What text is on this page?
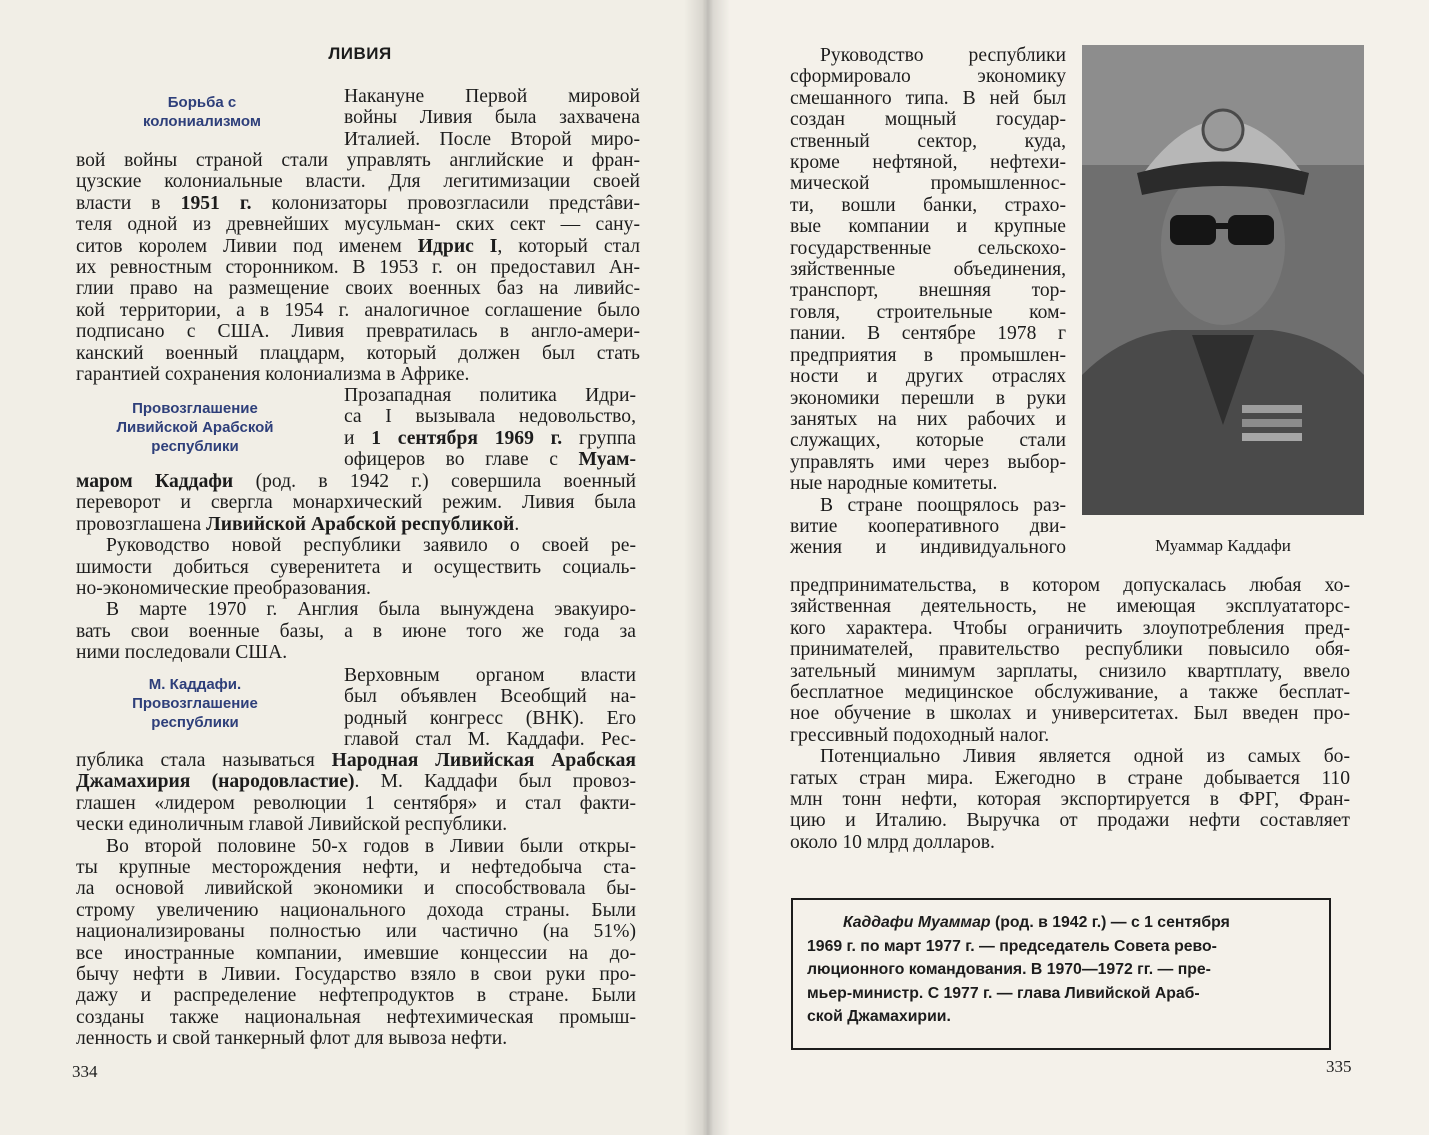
ЛИВИЯ
Борьба с
колониализмом

Накануне Первой мировой

войны Ливия была захвачена

Италией. После Второй миро-

вой войны страной стали управлять английские и фран-

цузские колониальные власти. Для легитимизации своей

власти в 1951 г. колонизаторы провозгласили предстâви-

теля одной из древнейших мусульман- ских сект — сану-

ситов королем Ливии под именем Идрис I, который стал

их ревностным сторонником. В 1953 г. он предоставил Ан-

глии право на размещение своих военных баз на ливийс-

кой территории, а в 1954 г. аналогичное соглашение было

подписано с США. Ливия превратилась в англо-амери-

канский военный плацдарм, который должен был стать

гарантией сохранения колониализма в Африке.

Провозглашение
Ливийской Арабской
республики

Прозападная политика Идри-

са I вызывала недовольство,

и 1 сентября 1969 г. группа

офицеров во главе с Муам-

маром Каддафи (род. в 1942 г.) совершила военный

переворот и свергла монархический режим. Ливия была

провозглашена Ливийской Арабской республикой.

Руководство новой республики заявило о своей ре-

шимости добиться суверенитета и осуществить социаль-

но-экономические преобразования.

В марте 1970 г. Англия была вынуждена эвакуиро-

вать свои военные базы, а в июне того же года за

ними последовали США.

М. Каддафи.
Провозглашение
республики

Верховным органом власти

был объявлен Всеобщий на-

родный конгресс (ВНК). Его

главой стал М. Каддафи. Рес-

публика стала называться Народная Ливийская Арабская

Джамахирия (народовластие). М. Каддафи был провоз-

глашен «лидером революции 1 сентября» и стал факти-

чески единоличным главой Ливийской республики.

Во второй половине 50-х годов в Ливии были откры-

ты крупные месторождения нефти, и нефтедобыча ста-

ла основой ливийской экономики и способствовала бы-

строму увеличению национального дохода страны. Были

национализированы полностью или частично (на 51%)

все иностранные компании, имевшие концессии на до-

бычу нефти в Ливии. Государство взяло в свои руки про-

дажу и распределение нефтепродуктов в стране. Были

созданы также национальная нефтехимическая промыш-

ленность и свой танкерный флот для вывоза нефти.

334

Руководство республики

сформировало экономику

смешанного типа. В ней был

создан мощный государ-

ственный сектор, куда,

кроме нефтяной, нефтехи-

мической промышленнос-

ти, вошли банки, страхо-

вые компании и крупные

государственные сельскохо-

зяйственные объединения,

транспорт, внешняя тор-

говля, строительные ком-

пании. В сентябре 1978 г

предприятия в промышлен-

ности и других отраслях

экономики перешли в руки

занятых на них рабочих и

служащих, которые стали

управлять ими через выбор-

ные народные комитеты.

В стране поощрялось раз-

витие кооперативного дви-

жения и индивидуального	Муаммар Каддафи

предпринимательства, в котором допускалась любая хо-

зяйственная деятельность, не имеющая эксплуататорс-

кого характера. Чтобы ограничить злоупотребления пред-

принимателей, правительство республики повысило обя-

зательный минимум зарплаты, снизило квартплату, ввело

бесплатное медицинское обслуживание, а также бесплат-

ное обучение в школах и университетах. Был введен про-

грессивный подоходный налог.

Потенциально Ливия является одной из самых бо-

гатых стран мира. Ежегодно в стране добывается 110

млн тонн нефти, которая экспортируется в ФРГ, Фран-

цию и Италию. Выручка от продажи нефти составляет

около 10 млрд долларов.

Каддафи Муаммар (род. в 1942 г.) — с 1 сентября
1969 г. по март 1977 г. — председатель Совета рево-
люционного командования. В 1970—1972 гг. — пре-
мьер-министр. С 1977 г. — глава Ливийской Араб-
ской Джамахирии.
335
